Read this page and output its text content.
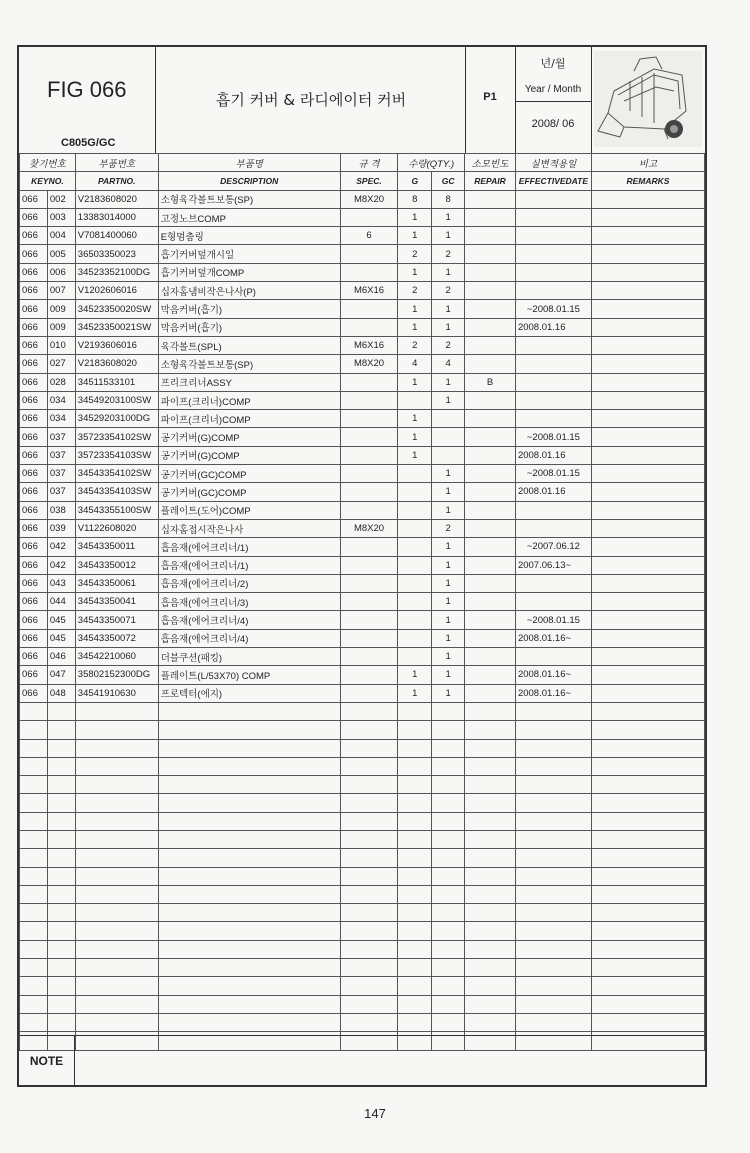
FIG 066
C805G/GC
흡기 커버 & 라디에이터 커버	P1
년/월
Year / Month
2008/ 06
찾기번호		부품번호	부품명	규 격	수량(QTY.)		소모빈도	실변적용일	비고
KEYNO.		PARTNO.	DESCRIPTION	SPEC.	G	GC	REPAIR	EFFECTIVEDATE	REMARKS
066	002	V2183608020	소형육각볼트보통(SP)	M8X20	8	8			
066	003	13383014000	고정노브COMP		1	1			
066	004	V7081400060	E형멈춤링	6	1	1			
066	005	36503350023	흡기커버덮개시일		2	2			
066	006	34523352100DG	흡기커버덮개COMP		1	1			
066	007	V1202606016	십자홈냄비작은나사(P)	M6X16	2	2			
066	009	34523350020SW	막음커버(흡기)		1	1		~2008.01.15	
066	009	34523350021SW	막음커버(흡기)		1	1		2008.01.16	
066	010	V2193606016	육각볼트(SPL)	M6X16	2	2			
066	027	V2183608020	소형육각볼트보통(SP)	M8X20	4	4			
066	028	34511533101	프리크리너ASSY		1	1	B		
066	034	34549203100SW	파이프(크리너)COMP			1			
066	034	34529203100DG	파이프(크리너)COMP		1				
066	037	35723354102SW	공기커버(G)COMP		1			~2008.01.15	
066	037	35723354103SW	공기커버(G)COMP		1			2008.01.16	
066	037	34543354102SW	공기커버(GC)COMP			1		~2008.01.15	
066	037	34543354103SW	공기커버(GC)COMP			1		2008.01.16	
066	038	34543355100SW	플레이트(도어)COMP			1			
066	039	V1122608020	십자홈접시작은나사	M8X20		2			
066	042	34543350011	흡음재(에어크리너/1)			1		~2007.06.12	
066	042	34543350012	흡음재(에어크리너/1)			1		2007.06.13~	
066	043	34543350061	흡음재(에어크리너/2)			1			
066	044	34543350041	흡음재(에어크리너/3)			1			
066	045	34543350071	흡음재(에어크리너/4)			1		~2008.01.15	
066	045	34543350072	흡음재(에어크리너/4)			1		2008.01.16~	
066	046	34542210060	더블쿠션(패킹)			1			
066	047	35802152300DG	플레이트(L/53X70) COMP		1	1		2008.01.16~	
066	048	34541910630	프로텍터(에지)		1	1		2008.01.16~	

NOTE
147
